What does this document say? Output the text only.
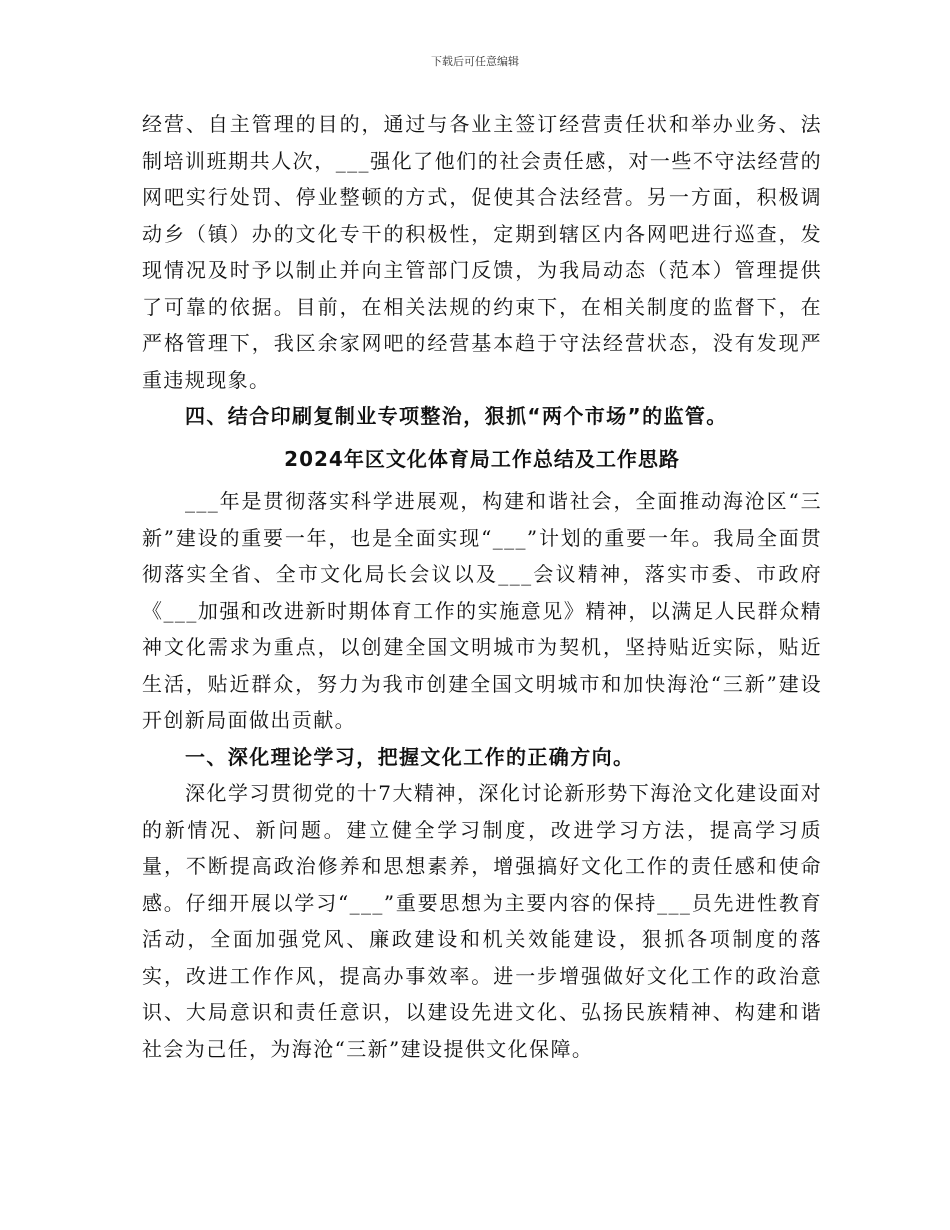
下载后可任意编辑

经营、自主管理的目的，通过与各业主签订经营责任状和举办业务、法制培训班期共人次，___强化了他们的社会责任感，对一些不守法经营的网吧实行处罚、停业整顿的方式，促使其合法经营。另一方面，积极调动乡（镇）办的文化专干的积极性，定期到辖区内各网吧进行巡查，发现情况及时予以制止并向主管部门反馈，为我局动态（范本）管理提供了可靠的依据。目前，在相关法规的约束下，在相关制度的监督下，在严格管理下，我区余家网吧的经营基本趋于守法经营状态，没有发现严重违规现象。

四、结合印刷复制业专项整治，狠抓“两个市场”的监管。

2024年区文化体育局工作总结及工作思路

___年是贯彻落实科学进展观，构建和谐社会，全面推动海沧区“三新”建设的重要一年，也是全面实现“___”计划的重要一年。我局全面贯彻落实全省、全市文化局长会议以及___会议精神，落实市委、市政府《___加强和改进新时期体育工作的实施意见》精神，以满足人民群众精神文化需求为重点，以创建全国文明城市为契机，坚持贴近实际，贴近生活，贴近群众，努力为我市创建全国文明城市和加快海沧“三新”建设开创新局面做出贡献。

一、深化理论学习，把握文化工作的正确方向。

深化学习贯彻党的十7大精神，深化讨论新形势下海沧文化建设面对的新情况、新问题。建立健全学习制度，改进学习方法，提高学习质量，不断提高政治修养和思想素养，增强搞好文化工作的责任感和使命感。仔细开展以学习“___”重要思想为主要内容的保持___员先进性教育活动，全面加强党风、廉政建设和机关效能建设，狠抓各项制度的落实，改进工作作风，提高办事效率。进一步增强做好文化工作的政治意识、大局意识和责任意识，以建设先进文化、弘扬民族精神、构建和谐社会为己任，为海沧“三新”建设提供文化保障。
